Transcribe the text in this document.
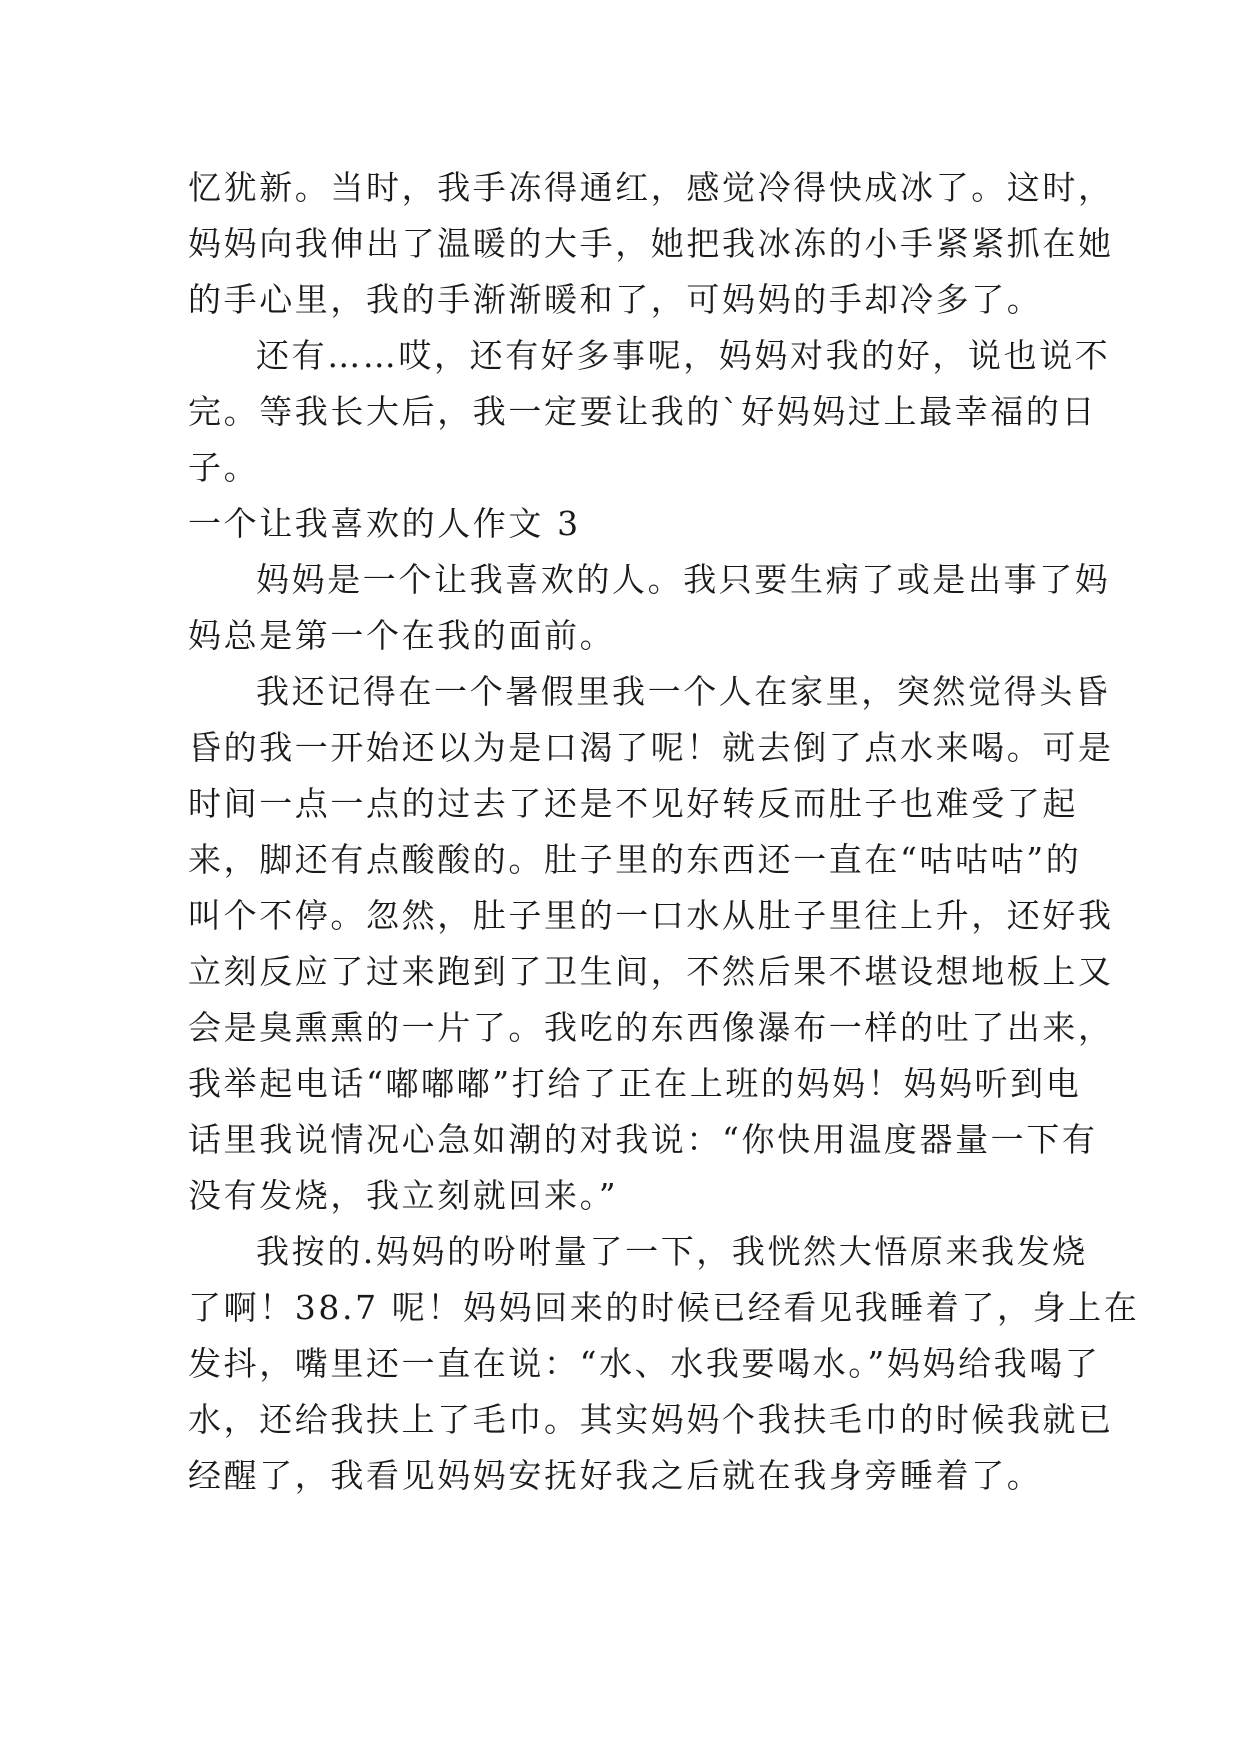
忆犹新。当时，我手冻得通红，感觉冷得快成冰了。这时，
妈妈向我伸出了温暖的大手，她把我冰冻的小手紧紧抓在她
的手心里，我的手渐渐暖和了，可妈妈的手却冷多了。
还有……哎，还有好多事呢，妈妈对我的好，说也说不
完。等我长大后，我一定要让我的`好妈妈过上最幸福的日
子。
一个让我喜欢的人作文 3
妈妈是一个让我喜欢的人。我只要生病了或是出事了妈
妈总是第一个在我的面前。
我还记得在一个暑假里我一个人在家里，突然觉得头昏
昏的我一开始还以为是口渴了呢！就去倒了点水来喝。可是
时间一点一点的过去了还是不见好转反而肚子也难受了起
来，脚还有点酸酸的。肚子里的东西还一直在“咕咕咕”的
叫个不停。忽然，肚子里的一口水从肚子里往上升，还好我
立刻反应了过来跑到了卫生间，不然后果不堪设想地板上又
会是臭熏熏的一片了。我吃的东西像瀑布一样的吐了出来，
我举起电话“嘟嘟嘟”打给了正在上班的妈妈！妈妈听到电
话里我说情况心急如潮的对我说：“你快用温度器量一下有
没有发烧，我立刻就回来。”
我按的.妈妈的吩咐量了一下，我恍然大悟原来我发烧
了啊！38.7 呢！妈妈回来的时候已经看见我睡着了，身上在
发抖，嘴里还一直在说：“水、水我要喝水。”妈妈给我喝了
水，还给我扶上了毛巾。其实妈妈个我扶毛巾的时候我就已
经醒了，我看见妈妈安抚好我之后就在我身旁睡着了。
